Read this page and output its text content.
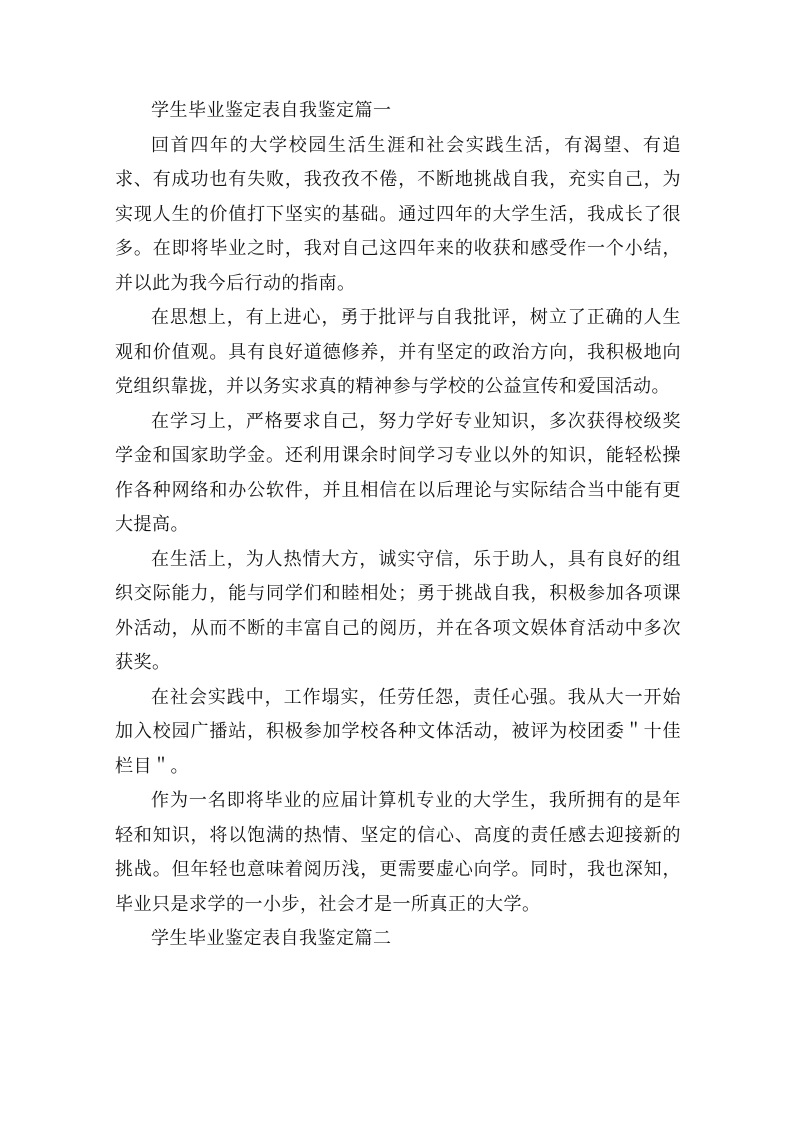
学生毕业鉴定表自我鉴定篇一

回首四年的大学校园生活生涯和社会实践生活，有渴望、有追求、有成功也有失败，我孜孜不倦，不断地挑战自我，充实自己，为实现人生的价值打下坚实的基础。通过四年的大学生活，我成长了很多。在即将毕业之时，我对自己这四年来的收获和感受作一个小结，并以此为我今后行动的指南。

在思想上，有上进心，勇于批评与自我批评，树立了正确的人生观和价值观。具有良好道德修养，并有坚定的政治方向，我积极地向党组织靠拢，并以务实求真的精神参与学校的公益宣传和爱国活动。

在学习上，严格要求自己，努力学好专业知识，多次获得校级奖学金和国家助学金。还利用课余时间学习专业以外的知识，能轻松操作各种网络和办公软件，并且相信在以后理论与实际结合当中能有更大提高。

在生活上，为人热情大方，诚实守信，乐于助人，具有良好的组织交际能力，能与同学们和睦相处；勇于挑战自我，积极参加各项课外活动，从而不断的丰富自己的阅历，并在各项文娱体育活动中多次获奖。

在社会实践中，工作塌实，任劳任怨，责任心强。我从大一开始加入校园广播站，积极参加学校各种文体活动，被评为校团委＂十佳栏目＂。

作为一名即将毕业的应届计算机专业的大学生，我所拥有的是年轻和知识，将以饱满的热情、坚定的信心、高度的责任感去迎接新的挑战。但年轻也意味着阅历浅，更需要虚心向学。同时，我也深知，毕业只是求学的一小步，社会才是一所真正的大学。

学生毕业鉴定表自我鉴定篇二
